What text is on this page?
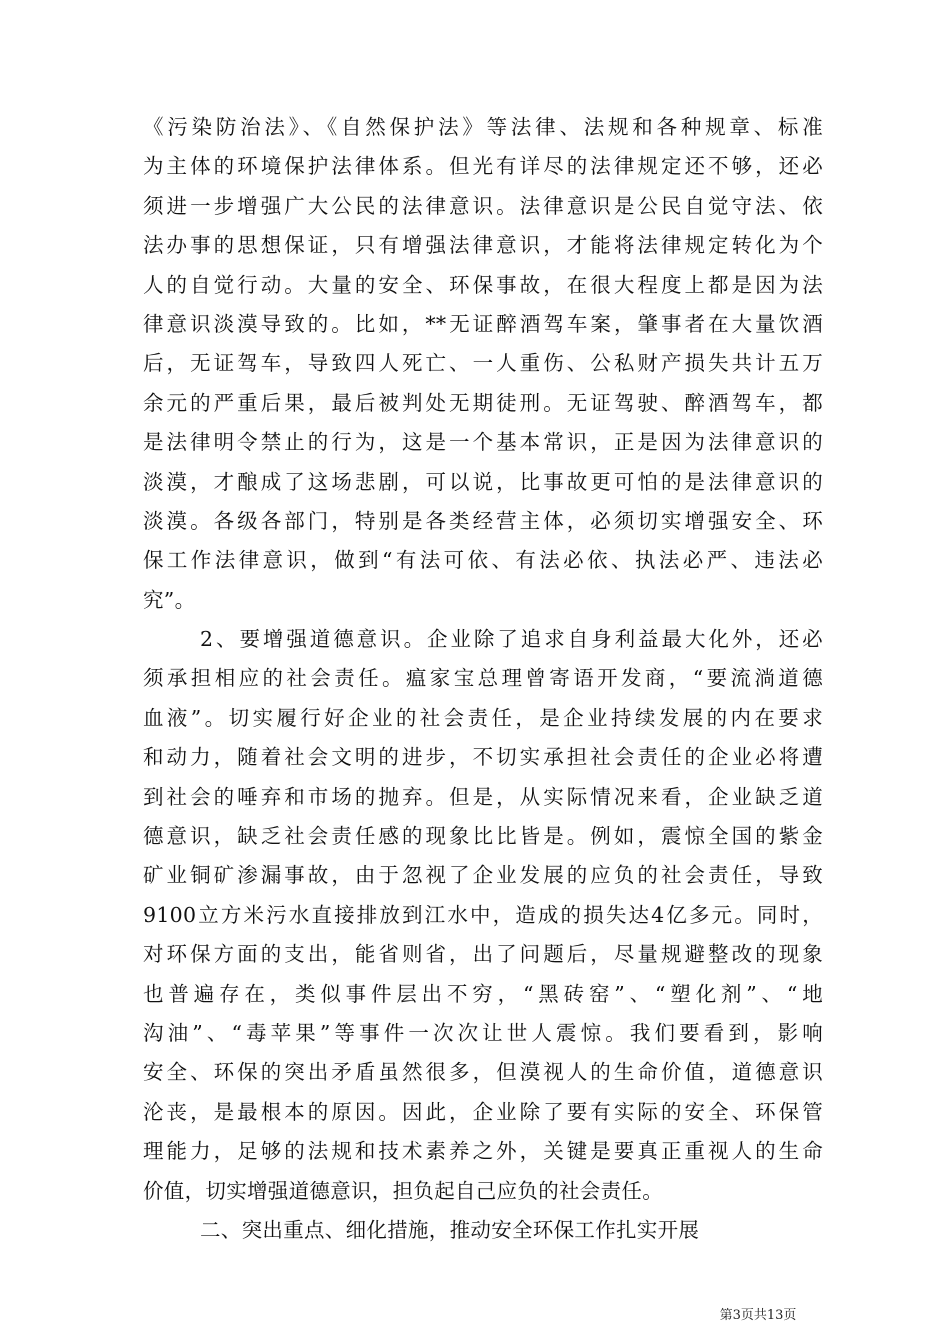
《污染防治法》、《自然保护法》等法律、法规和各种规章、标准
为主体的环境保护法律体系。但光有详尽的法律规定还不够，还必
须进一步增强广大公民的法律意识。法律意识是公民自觉守法、依
法办事的思想保证，只有增强法律意识，才能将法律规定转化为个
人的自觉行动。大量的安全、环保事故，在很大程度上都是因为法
律意识淡漠导致的。比如，**无证醉酒驾车案，肇事者在大量饮酒
后，无证驾车，导致四人死亡、一人重伤、公私财产损失共计五万
余元的严重后果，最后被判处无期徒刑。无证驾驶、醉酒驾车，都
是法律明令禁止的行为，这是一个基本常识，正是因为法律意识的
淡漠，才酿成了这场悲剧，可以说，比事故更可怕的是法律意识的
淡漠。各级各部门，特别是各类经营主体，必须切实增强安全、环
保工作法律意识，做到“有法可依、有法必依、执法必严、违法必
究”。
2、要增强道德意识。企业除了追求自身利益最大化外，还必
须承担相应的社会责任。瘟家宝总理曾寄语开发商，“要流淌道德
血液”。切实履行好企业的社会责任，是企业持续发展的内在要求
和动力，随着社会文明的进步，不切实承担社会责任的企业必将遭
到社会的唾弃和市场的抛弃。但是，从实际情况来看，企业缺乏道
德意识，缺乏社会责任感的现象比比皆是。例如，震惊全国的紫金
矿业铜矿渗漏事故，由于忽视了企业发展的应负的社会责任，导致
9100立方米污水直接排放到江水中，造成的损失达4亿多元。同时，
对环保方面的支出，能省则省，出了问题后，尽量规避整改的现象
也普遍存在，类似事件层出不穷，“黑砖窑”、“塑化剂”、“地
沟油”、“毒苹果”等事件一次次让世人震惊。我们要看到，影响
安全、环保的突出矛盾虽然很多，但漠视人的生命价值，道德意识
沦丧，是最根本的原因。因此，企业除了要有实际的安全、环保管
理能力，足够的法规和技术素养之外，关键是要真正重视人的生命
价值，切实增强道德意识，担负起自己应负的社会责任。
二、突出重点、细化措施，推动安全环保工作扎实开展
第3页共13页
